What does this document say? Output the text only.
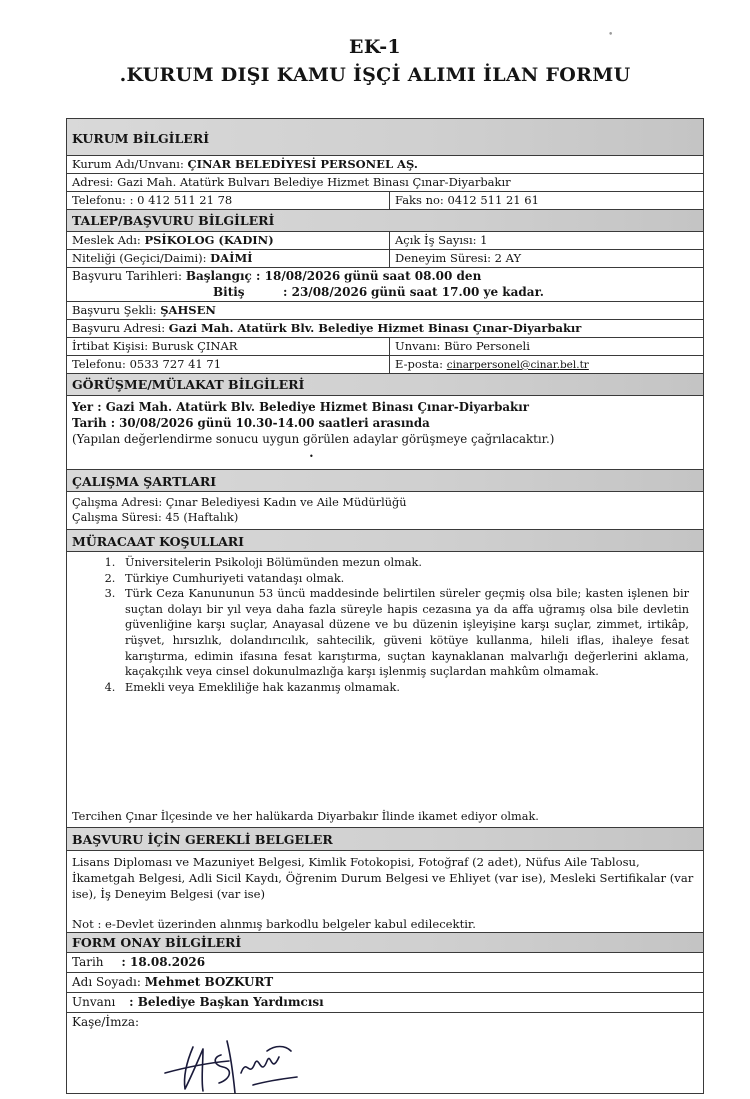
EK-1
.KURUM DIŞI KAMU İŞÇİ ALIMI İLAN FORMU
•
KURUM BİLGİLERİ
Kurum Adı/Unvanı: ÇINAR BELEDİYESİ PERSONEL AŞ.
Adresi: Gazi Mah. Atatürk Bulvarı Belediye Hizmet Binası Çınar-Diyarbakır
Telefonu: : 0 412 511 21 78	Faks no: 0412 511 21 61
TALEP/BAŞVURU BİLGİLERİ
Meslek Adı: PSİKOLOG (KADIN)	Açık İş Sayısı: 1
Niteliği (Geçici/Daimi): DAİMİ	Deneyim Süresi: 2 AY
Başvuru Tarihleri: Başlangıç : 18/08/2026 günü saat 08.00 den
Bitiş	: 23/08/2026 günü saat 17.00 ye kadar.
Başvuru Şekli: ŞAHSEN
Başvuru Adresi: Gazi Mah. Atatürk Blv. Belediye Hizmet Binası Çınar-Diyarbakır
İrtibat Kişisi: Burusk ÇINAR	Unvanı: Büro Personeli
Telefonu: 0533 727 41 71	E-posta: cinarpersonel@cinar.bel.tr
GÖRÜŞME/MÜLAKAT BİLGİLERİ
Yer : Gazi Mah. Atatürk Blv. Belediye Hizmet Binası Çınar-Diyarbakır
Tarih : 30/08/2026 günü 10.30-14.00 saatleri arasında
(Yapılan değerlendirme sonucu uygun görülen adaylar görüşmeye çağrılacaktır.)
•
ÇALIŞMA ŞARTLARI
Çalışma Adresi: Çınar Belediyesi Kadın ve Aile Müdürlüğü
Çalışma Süresi: 45 (Haftalık)
MÜRACAAT KOŞULLARI
1. Üniversitelerin Psikoloji Bölümünden mezun olmak.
2. Türkiye Cumhuriyeti vatandaşı olmak.
3. Türk Ceza Kanununun 53 üncü maddesinde belirtilen süreler geçmiş olsa bile; kasten işlenen bir suçtan dolayı bir yıl veya daha fazla süreyle hapis cezasına ya da affa uğramış olsa bile devletin güvenliğine karşı suçlar, Anayasal düzene ve bu düzenin işleyişine karşı suçlar, zimmet, irtikâp, rüşvet, hırsızlık, dolandırıcılık, sahtecilik, güveni kötüye kullanma, hileli iflas, ihaleye fesat karıştırma, edimin ifasına fesat karıştırma, suçtan kaynaklanan malvarlığı değerlerini aklama, kaçakçılık veya cinsel dokunulmazlığa karşı işlenmiş suçlardan mahkûm olmamak.
4. Emekli veya Emekliliğe hak kazanmış olmamak.
Tercihen Çınar İlçesinde ve her halükarda Diyarbakır İlinde ikamet ediyor olmak.
BAŞVURU İÇİN GEREKLİ BELGELER
Lisans Diploması ve Mazuniyet Belgesi, Kimlik Fotokopisi, Fotoğraf (2 adet), Nüfus Aile Tablosu, İkametgah Belgesi, Adli Sicil Kaydı, Öğrenim Durum Belgesi ve Ehliyet (var ise), Mesleki Sertifikalar (var ise), İş Deneyim Belgesi (var ise)
Not : e-Devlet üzerinden alınmış barkodlu belgeler kabul edilecektir.
FORM ONAY BİLGİLERİ
Tarih : 18.08.2026
Adı Soyadı: Mehmet BOZKURT
Unvanı : Belediye Başkan Yardımcısı
Kaşe/İmza:
